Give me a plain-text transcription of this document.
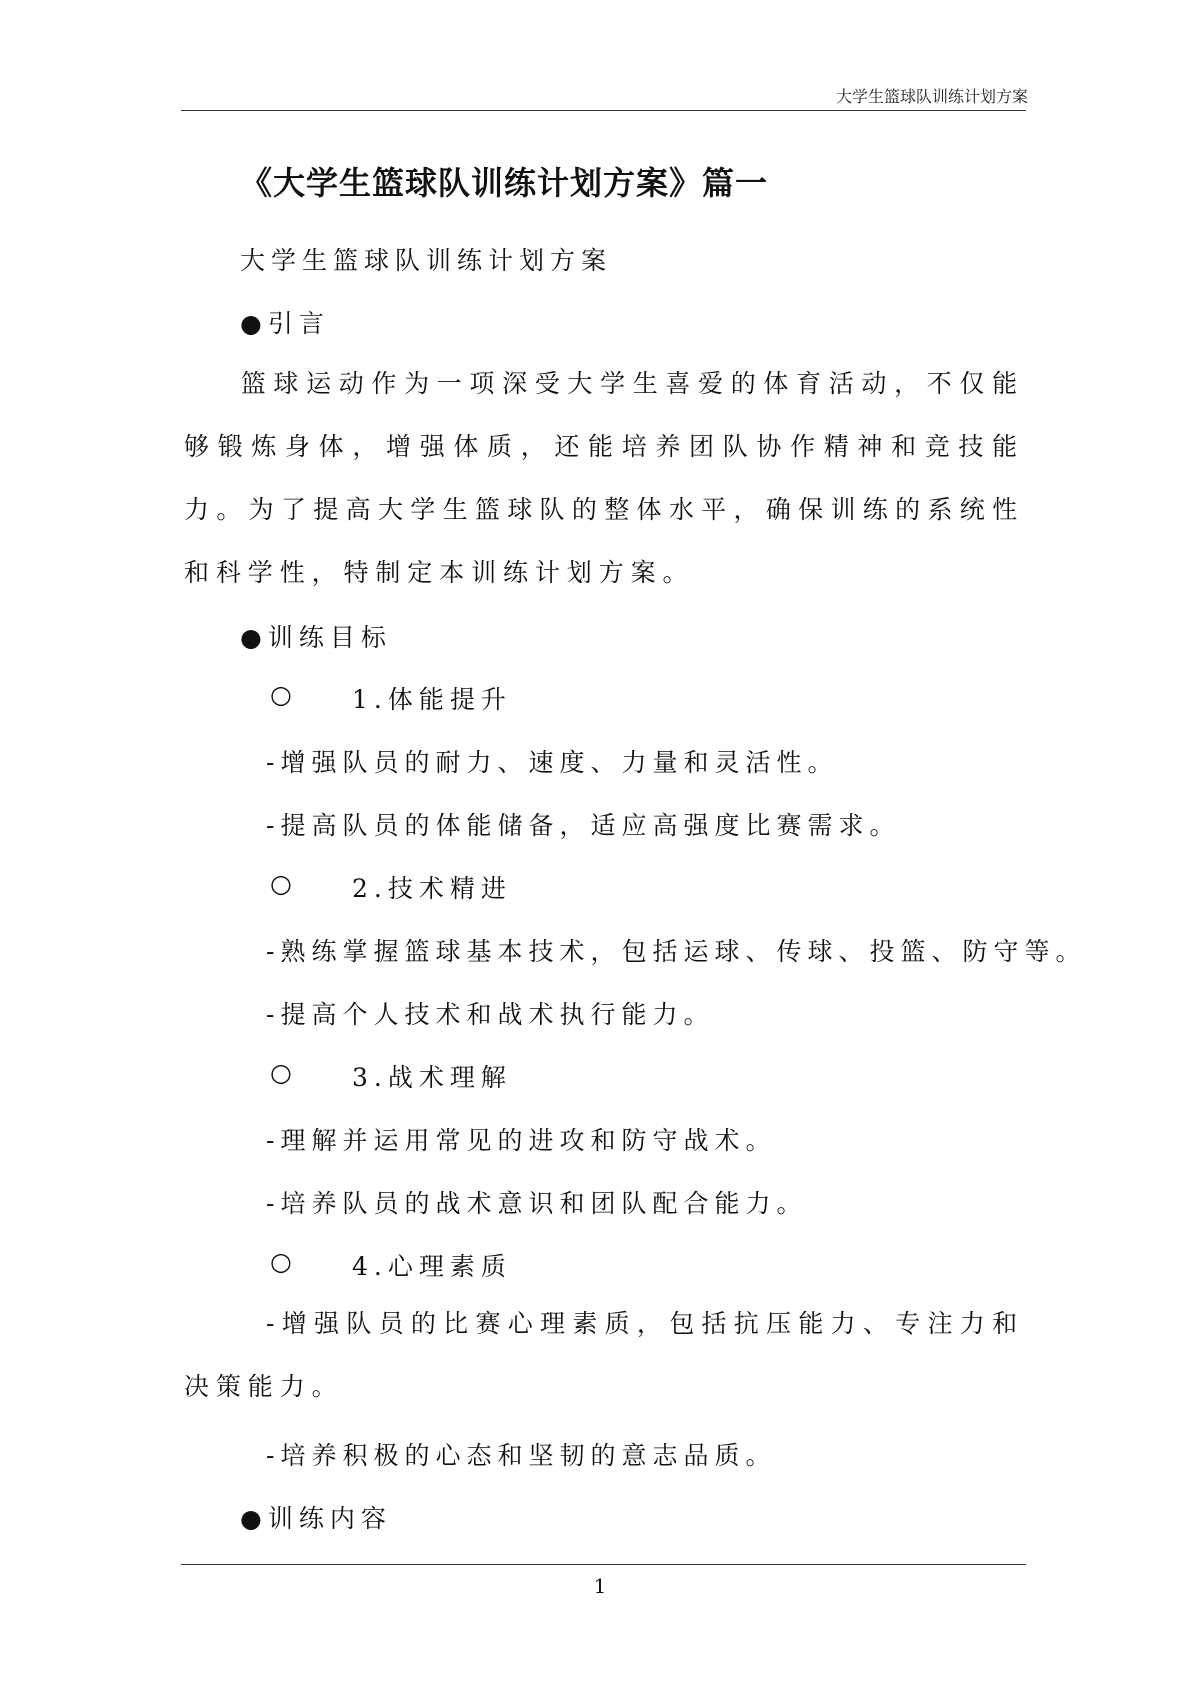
大学生篮球队训练计划方案
《大学生篮球队训练计划方案》篇一
大学生篮球队训练计划方案
●引言
篮球运动作为一项深受大学生喜爱的体育活动，不仅能够锻炼身体，增强体质，还能培养团队协作精神和竞技能力。为了提高大学生篮球队的整体水平，确保训练的系统性和科学性，特制定本训练计划方案。
●训练目标
○ 1.体能提升
-增强队员的耐力、速度、力量和灵活性。
-提高队员的体能储备，适应高强度比赛需求。
○ 2.技术精进
-熟练掌握篮球基本技术，包括运球、传球、投篮、防守等。
-提高个人技术和战术执行能力。
○ 3.战术理解
-理解并运用常见的进攻和防守战术。
-培养队员的战术意识和团队配合能力。
○ 4.心理素质
-增强队员的比赛心理素质，包括抗压能力、专注力和决策能力。
-培养积极的心态和坚韧的意志品质。
●训练内容
1
